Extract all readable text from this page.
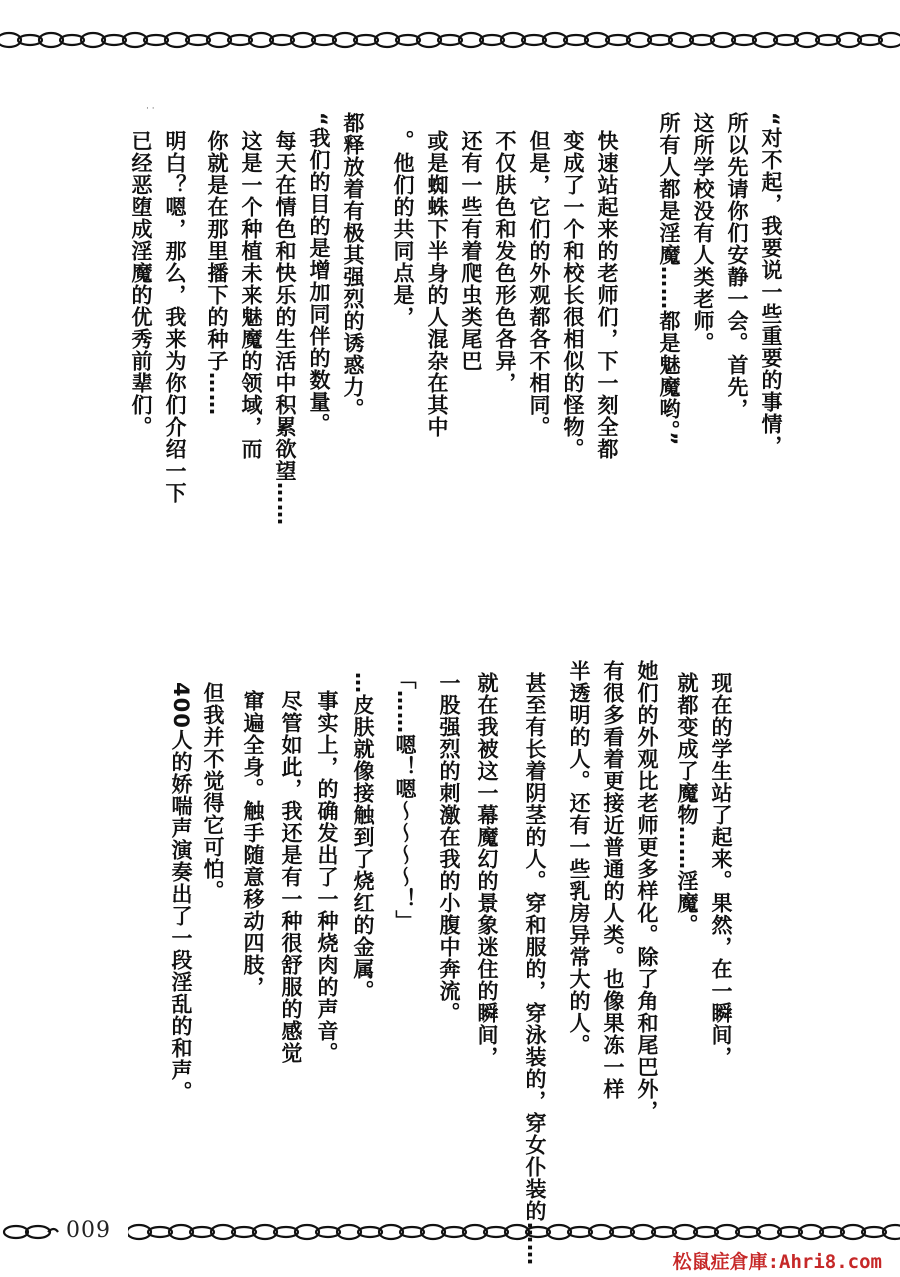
009
松鼠症倉庫:Ahri8.com
· ·
“对不起，我要说一些重要的事情，
所以先请你们安静一会。首先，
这所学校没有人类老师。
所有人都是淫魔……都是魅魔哟。”
快速站起来的老师们，下一刻全都
变成了一个和校长很相似的怪物。
但是，它们的外观都各不相同。
不仅肤色和发色形色各异，
还有一些有着爬虫类尾巴
或是蜘蛛下半身的人混杂在其中
。他们的共同点是，
都释放着有极其强烈的诱惑力。
“我们的目的是增加同伴的数量。
每天在情色和快乐的生活中积累欲望……
这是一个种植未来魅魔的领域，而
你就是在那里播下的种子……
明白？嗯，那么，我来为你们介绍一下
已经恶堕成淫魔的优秀前辈们。
现在的学生站了起来。果然，在一瞬间，
就都变成了魔物……淫魔。
她们的外观比老师更多样化。除了角和尾巴外，
有很多看着更接近普通的人类。也像果冻一样
半透明的人。还有一些乳房异常大的人。
甚至有长着阴茎的人。穿和服的，穿泳装的，穿女仆装的……
就在我被这一幕魔幻的景象迷住的瞬间，
一股强烈的刺激在我的小腹中奔流。
「……嗯！嗯～～～～！」
…皮肤就像接触到了烧红的金属。
事实上，的确发出了一种烧肉的声音。
尽管如此，我还是有一种很舒服的感觉
窜遍全身。触手随意移动四肢，
但我并不觉得它可怕。
400人的娇喘声演奏出了一段淫乱的和声。
